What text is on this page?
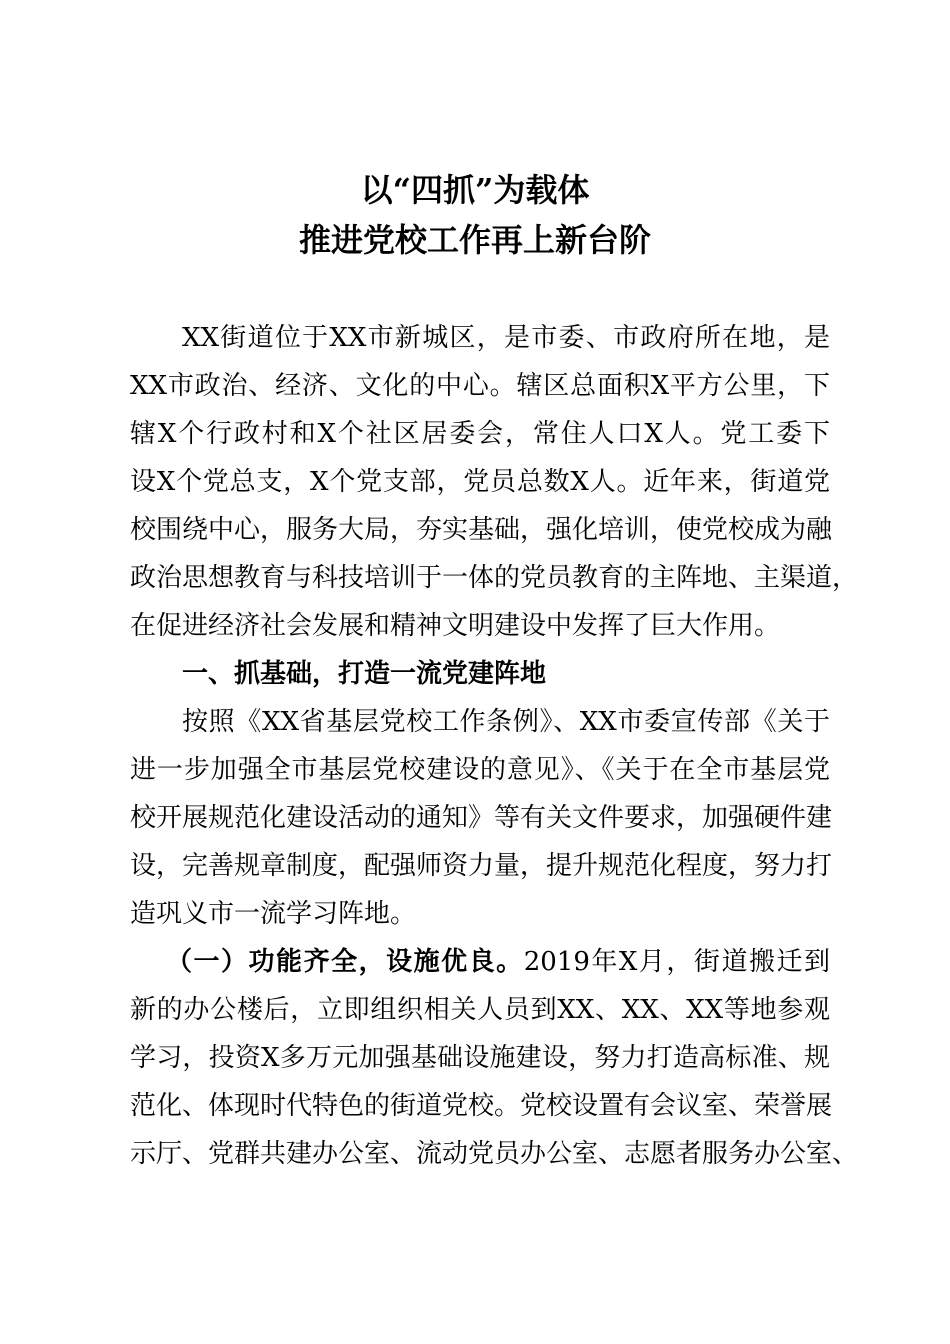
以“四抓”为载体
推进党校工作再上新台阶
XX街道位于XX市新城区，是市委、市政府所在地，是
XX市政治、经济、文化的中心。辖区总面积X平方公里，下
辖X个行政村和X个社区居委会，常住人口X人。党工委下
设X个党总支，X个党支部，党员总数X人。近年来，街道党
校围绕中心，服务大局，夯实基础，强化培训，使党校成为融
政治思想教育与科技培训于一体的党员教育的主阵地、主渠道，
在促进经济社会发展和精神文明建设中发挥了巨大作用。
一、抓基础，打造一流党建阵地
按照《XX省基层党校工作条例》、XX市委宣传部《关于
进一步加强全市基层党校建设的意见》、《关于在全市基层党
校开展规范化建设活动的通知》等有关文件要求，加强硬件建
设，完善规章制度，配强师资力量，提升规范化程度，努力打
造巩义市一流学习阵地。
（一）功能齐全，设施优良。2019年X月，街道搬迁到
新的办公楼后，立即组织相关人员到XX、XX、XX等地参观
学习，投资X多万元加强基础设施建设，努力打造高标准、规
范化、体现时代特色的街道党校。党校设置有会议室、荣誉展
示厅、党群共建办公室、流动党员办公室、志愿者服务办公室、
